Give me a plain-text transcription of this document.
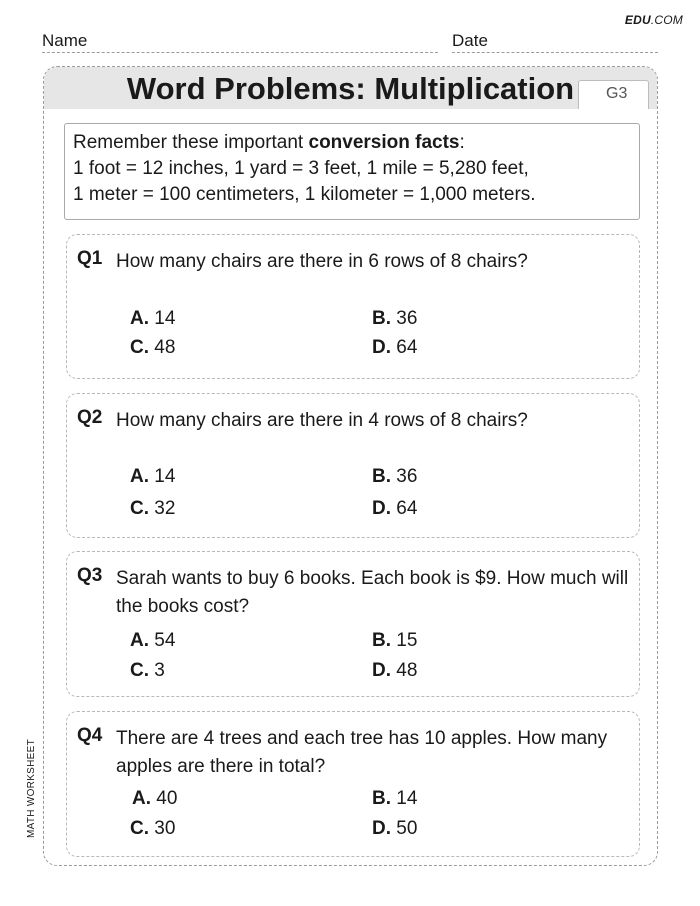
EDU.COM
Name	Date
MATH WORKSHEET
Word Problems: Multiplication	G3
Remember these important conversion facts:
1 foot = 12 inches, 1 yard = 3 feet, 1 mile = 5,280 feet,
1 meter = 100 centimeters, 1 kilometer = 1,000 meters.
Q1 How many chairs are there in 6 rows of 8 chairs?
A. 14	B. 36
C. 48	D. 64
Q2 How many chairs are there in 4 rows of 8 chairs?
A. 14	B. 36
C. 32	D. 64
Q3 Sarah wants to buy 6 books. Each book is $9. How much will the books cost?
A. 54	B. 15
C. 3	D. 48
Q4 There are 4 trees and each tree has 10 apples. How many apples are there in total?
A. 40	B. 14
C. 30	D. 50
